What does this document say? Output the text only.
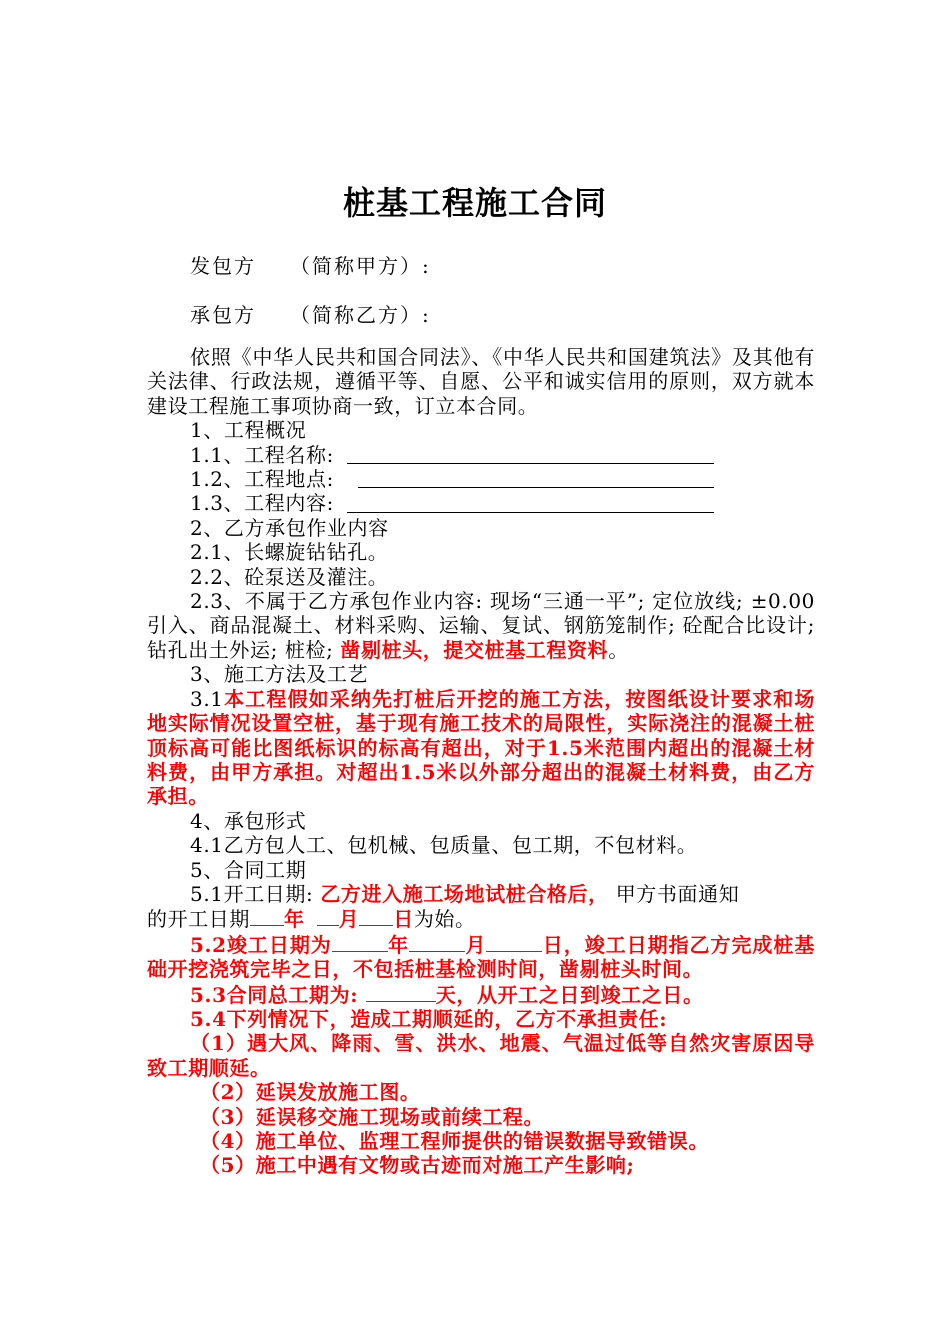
桩基工程施工合同
发包方 （简称甲方）:
承包方 （简称乙方）:

依照《中华人民共和国合同法》、《中华人民共和国建筑法》及其他有关法律、行政法规，遵循平等、自愿、公平和诚实信用的原则，双方就本建设工程施工事项协商一致，订立本合同。

1、工程概况

1.1、工程名称:
1.2、工程地点:
1.3、工程内容:

2、乙方承包作业内容

2.1、长螺旋钻钻孔。

2.2、砼泵送及灌注。

2.3、不属于乙方承包作业内容: 现场“三通一平”; 定位放线; ±0.00引入、商品混凝土、材料采购、运输、复试、钢筋笼制作; 砼配合比设计; 钻孔出土外运; 桩检; 凿剔桩头，提交桩基工程资料。

3、施工方法及工艺

3.1本工程假如采纳先打桩后开挖的施工方法，按图纸设计要求和场地实际情况设置空桩，基于现有施工技术的局限性，实际浇注的混凝土桩顶标高可能比图纸标识的标高有超出，对于1.5米范围内超出的混凝土材料费，由甲方承担。对超出1.5米以外部分超出的混凝土材料费，由乙方承担。

4、承包形式

4.1乙方包人工、包机械、包质量、包工期，不包材料。

5、合同工期

5.1开工日期: 乙方进入施工场地试桩合格后， 甲方书面通知
的开工日期 年 月 日为始。

5.2竣工日期为	年	月	日，竣工日期指乙方完成桩基础开挖浇筑完毕之日，不包括桩基检测时间，凿剔桩头时间。

5.3合同总工期为:	天，从开工之日到竣工之日。

5.4下列情况下，造成工期顺延的，乙方不承担责任:

（1）遇大风、降雨、雪、洪水、地震、气温过低等自然灾害原因导致工期顺延。

（2）延误发放施工图。

（3）延误移交施工现场或前续工程。

（4）施工单位、监理工程师提供的错误数据导致错误。

（5）施工中遇有文物或古迹而对施工产生影响;
